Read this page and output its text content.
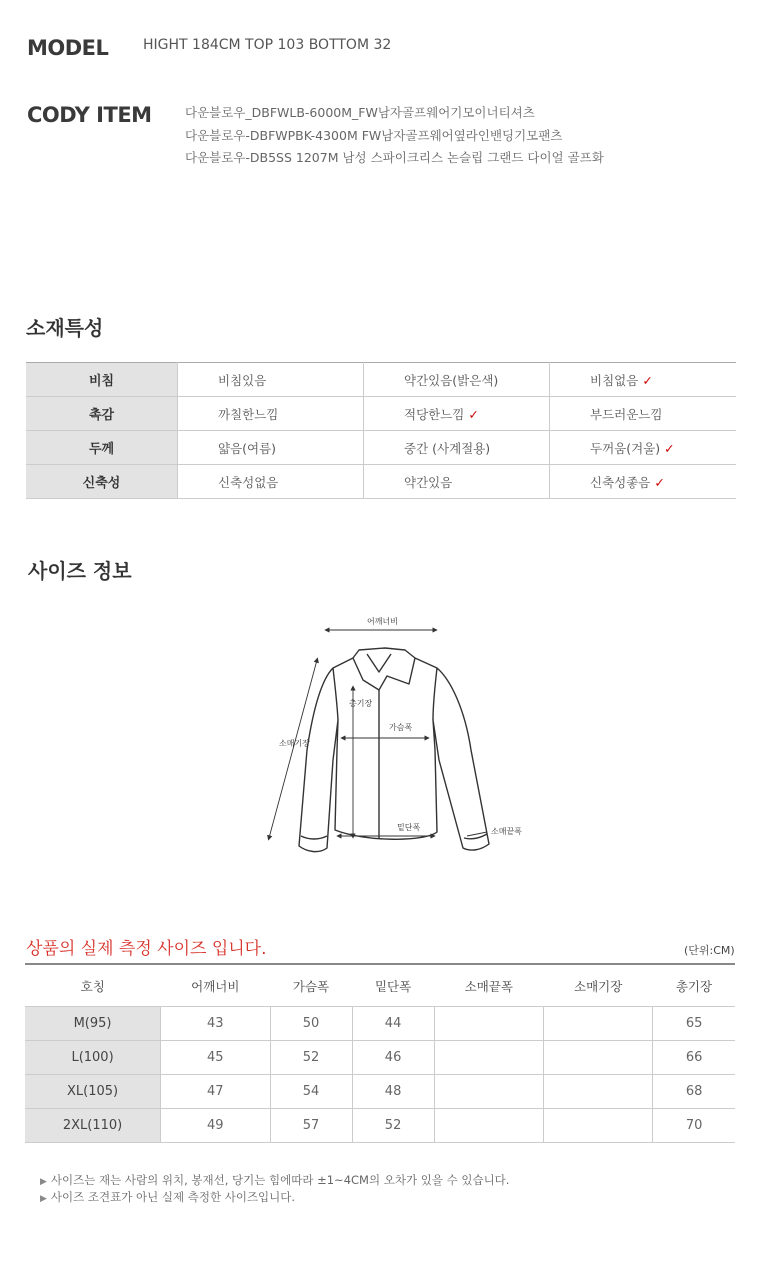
MODEL HIGHT 184CM TOP 103 BOTTOM 32
CODY ITEM	다운블로우_DBFWLB-6000M_FW남자골프웨어기모이너티셔츠
다운블로우-DBFWPBK-4300M FW남자골프웨어옆라인밴딩기모팬츠
다운블로우-DB5SS 1207M 남성 스파이크리스 논슬립 그랜드 다이얼 골프화
소재특성
비침	비침있음	약간있음(밝은색)	비침없음 ✓
촉감	까칠한느낌	적당한느낌 ✓	부드러운느낌
두께	얇음(여름)	중간 (사계절용)	두꺼움(겨울) ✓
신축성	신축성없음	약간있음	신축성좋음 ✓
사이즈 정보
어깨너비
총기장
가슴폭
소매기장
밑단폭	소매끝폭
상품의 실제 측정 사이즈 입니다.	(단위:CM)
호칭	어깨너비	가슴폭	밑단폭	소매끝폭	소매기장	총기장
M(95)	43	50	44			65
L(100)	45	52	46			66
XL(105)	47	54	48			68
2XL(110)	49	57	52			70
▶ 사이즈는 재는 사람의 위치, 봉재선, 당기는 힘에따라 ±1~4CM의 오차가 있을 수 있습니다.
▶ 사이즈 조견표가 아닌 실제 측정한 사이즈입니다.
